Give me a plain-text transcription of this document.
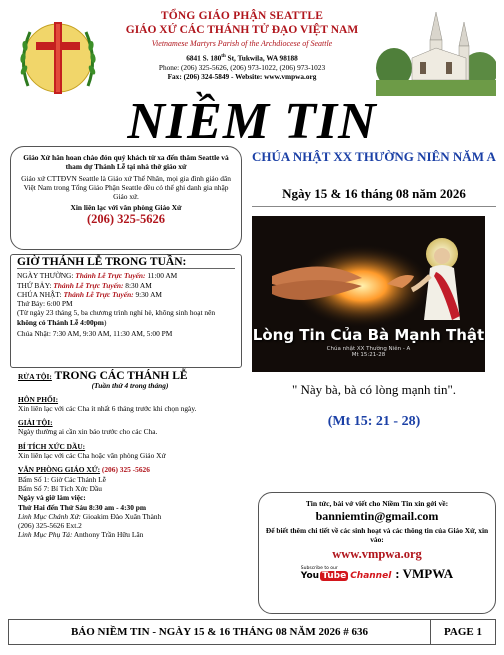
TỔNG GIÁO PHẬN SEATTLE
GIÁO XỨ CÁC THÁNH TỬ ĐẠO VIỆT NAM
Vietnamese Martyrs Parish of the Archdiocese of Seattle
6841 S. 180th St, Tukwila, WA 98188
Phone: (206) 325-5626, (206) 973-1022, (206) 973-1023
Fax: (206) 324-5849 - Website: www.vmpwa.org
NIỀM TIN
Giáo Xứ hân hoan chào đón quý khách từ xa đến thăm Seattle và tham dự Thánh Lễ tại nhà thờ giáo xứ
Giáo xứ CTTĐVN Seattle là Giáo xứ Thể Nhân, mọi gia đình giáo dân Việt Nam trong Tổng Giáo Phận Seattle đều có thể ghi danh gia nhập Giáo xứ.
Xin liên lạc với văn phòng Giáo Xứ
(206) 325-5626
CHÚA NHẬT XX THƯỜNG NIÊN NĂM A
Ngày 15 & 16 tháng 08 năm 2026
Lòng Tin Của Bà Mạnh Thật
Chúa nhật XX Thường Niên - A
Mt 15:21-28
" Này bà, bà có lòng mạnh tin".
(Mt 15: 21 - 28)
GIỜ THÁNH LỄ TRONG TUẦN:
NGÀY THƯỜNG: Thánh Lễ Trực Tuyến: 11:00 AM
THỨ BẢY: Thánh Lễ Trực Tuyến: 8:30 AM
CHÚA NHẬT: Thánh Lễ Trực Tuyến: 9:30 AM
Thứ Bảy: 6:00 PM
(Từ ngày 23 tháng 5, ba chương trình nghỉ hè, không sinh hoạt nên không có Thánh Lễ 4:00pm)
Chúa Nhật: 7:30 AM, 9:30 AM, 11:30 AM, 5:00 PM
RỬA TỘI: TRONG CÁC THÁNH LỄ
(Tuần thứ 4 trong tháng)
HÔN PHỐI:
Xin liên lạc với các Cha ít nhất 6 tháng trước khi chọn ngày.
GIẢI TỘI:
Ngày thường ai cần xin báo trước cho các Cha.
BÍ TÍCH XỨC DẦU:
Xin liên lạc với các Cha hoặc văn phòng Giáo Xứ
VĂN PHÒNG GIÁO XỨ: (206) 325 -5626
Bấm Số 1: Giờ Các Thánh Lễ
Bấm Số 7: Bí Tích Xức Dầu
Ngày và giờ làm việc:
Thứ Hai đến Thứ Sáu 8:30 am - 4:30 pm
Linh Mục Chánh Xứ: Gioakim Đào Xuân Thành
(206) 325-5626 Ext.2
Linh Mục Phụ Tá: Anthony Trần Hữu Lân
Tin tức, bài vở viết cho Niềm Tin xin gởi về:
banniemtin@gmail.com
Để biết thêm chi tiết về các sinh hoạt và các thông tin của Giáo Xứ, xin vào:
www.vmpwa.org
Subscribe to our
You Tube Channel : VMPWA
BÁO NIỀM TIN - NGÀY 15 & 16 THÁNG 08 NĂM 2026 # 636	PAGE 1
